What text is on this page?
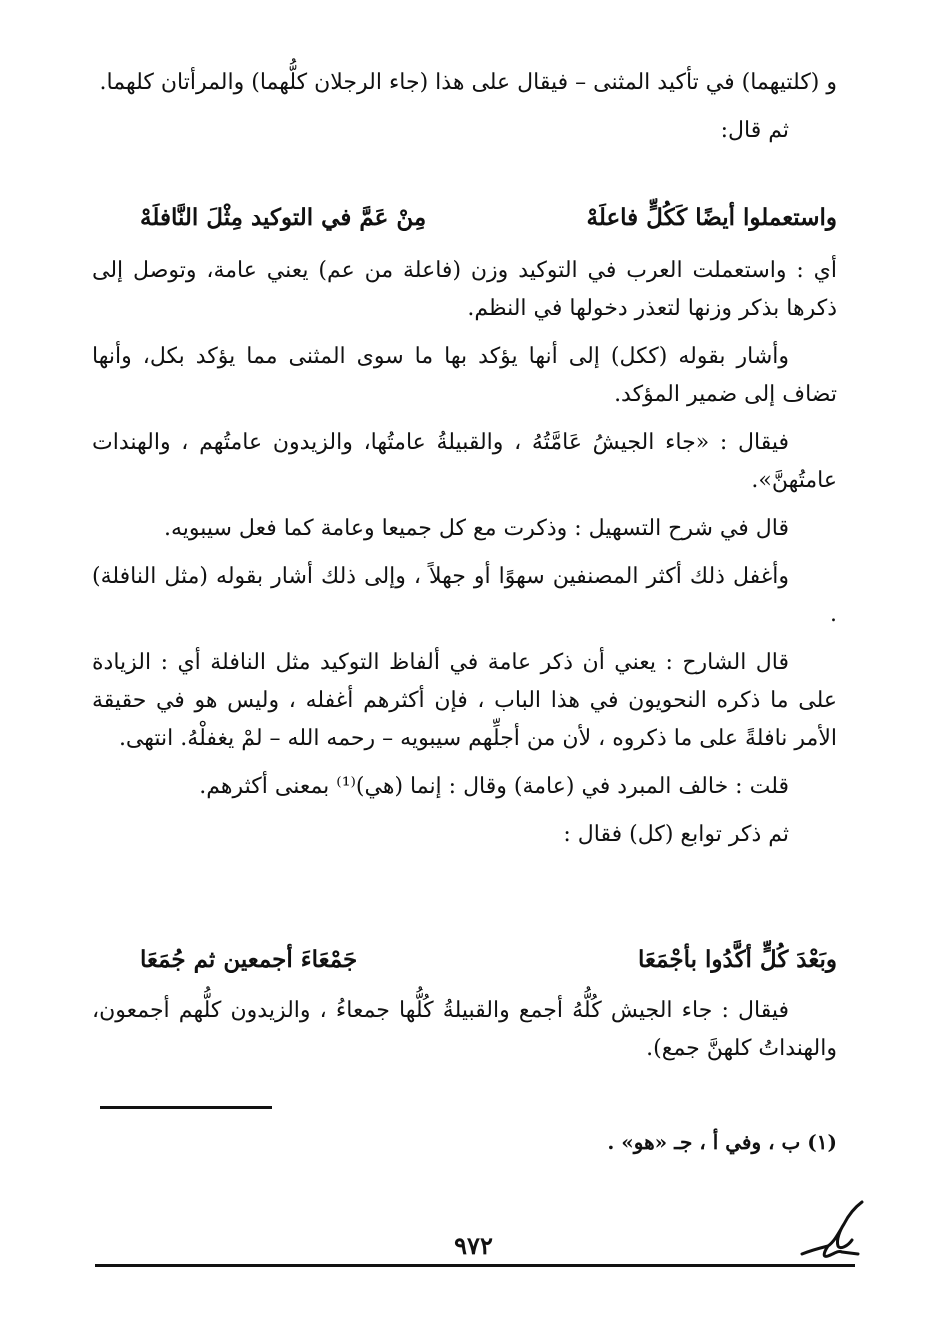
و (كلتيهما) في تأكيد المثنى – فيقال على هذا (جاء الرجلان كلُّهما) والمرأتان كلهما.

ثم قال:

واستعملوا أيضًا كَكُلٍّ فاعلَهْ
مِنْ عَمَّ في التوكيد مِثْلَ النَّافلَهْ

أي : واستعملت العرب في التوكيد وزن (فاعلة من عم) يعني عامة، وتوصل إلى ذكرها بذكر وزنها لتعذر دخولها في النظم.

وأشار بقوله (ككل) إلى أنها يؤكد بها ما سوى المثنى مما يؤكد بكل، وأنها تضاف إلى ضمير المؤكد.

فيقال : «جاء الجيشُ عَامَّتُهُ ، والقبيلةُ عامتُها، والزيدون عامتُهم ، والهندات عامتُهنَّ».

قال في شرح التسهيل : وذكرت مع كل جميعا وعامة كما فعل سيبويه.

وأغفل ذلك أكثر المصنفين سهوًا أو جهلاً ، وإلى ذلك أشار بقوله (مثل النافلة) .

قال الشارح : يعني أن ذكر عامة في ألفاظ التوكيد مثل النافلة أي : الزيادة على ما ذكره النحويون في هذا الباب ، فإن أكثرهم أغفله ، وليس هو في حقيقة الأمر نافلةً على ما ذكروه ، لأن من أجلِّهم سيبويه – رحمه الله – لمْ يغفلْهُ. انتهى.

قلت : خالف المبرد في (عامة) وقال : إنما (هي)⁽¹⁾ بمعنى أكثرهم.

ثم ذكر توابع (كل) فقال :

وبَعْدَ كُلٍّ أكَّدُوا بأجْمَعَا
جَمْعَاءَ أجمعين ثم جُمَعَا

فيقال : جاء الجيش كُلُّهُ أجمع والقبيلةُ كُلُّها جمعاءُ ، والزيدون كلُّهم أجمعون، والهنداتُ كلهنَّ جمع).

(١) ب ، وفي أ ، جـ «هو» .
٩٧٢
